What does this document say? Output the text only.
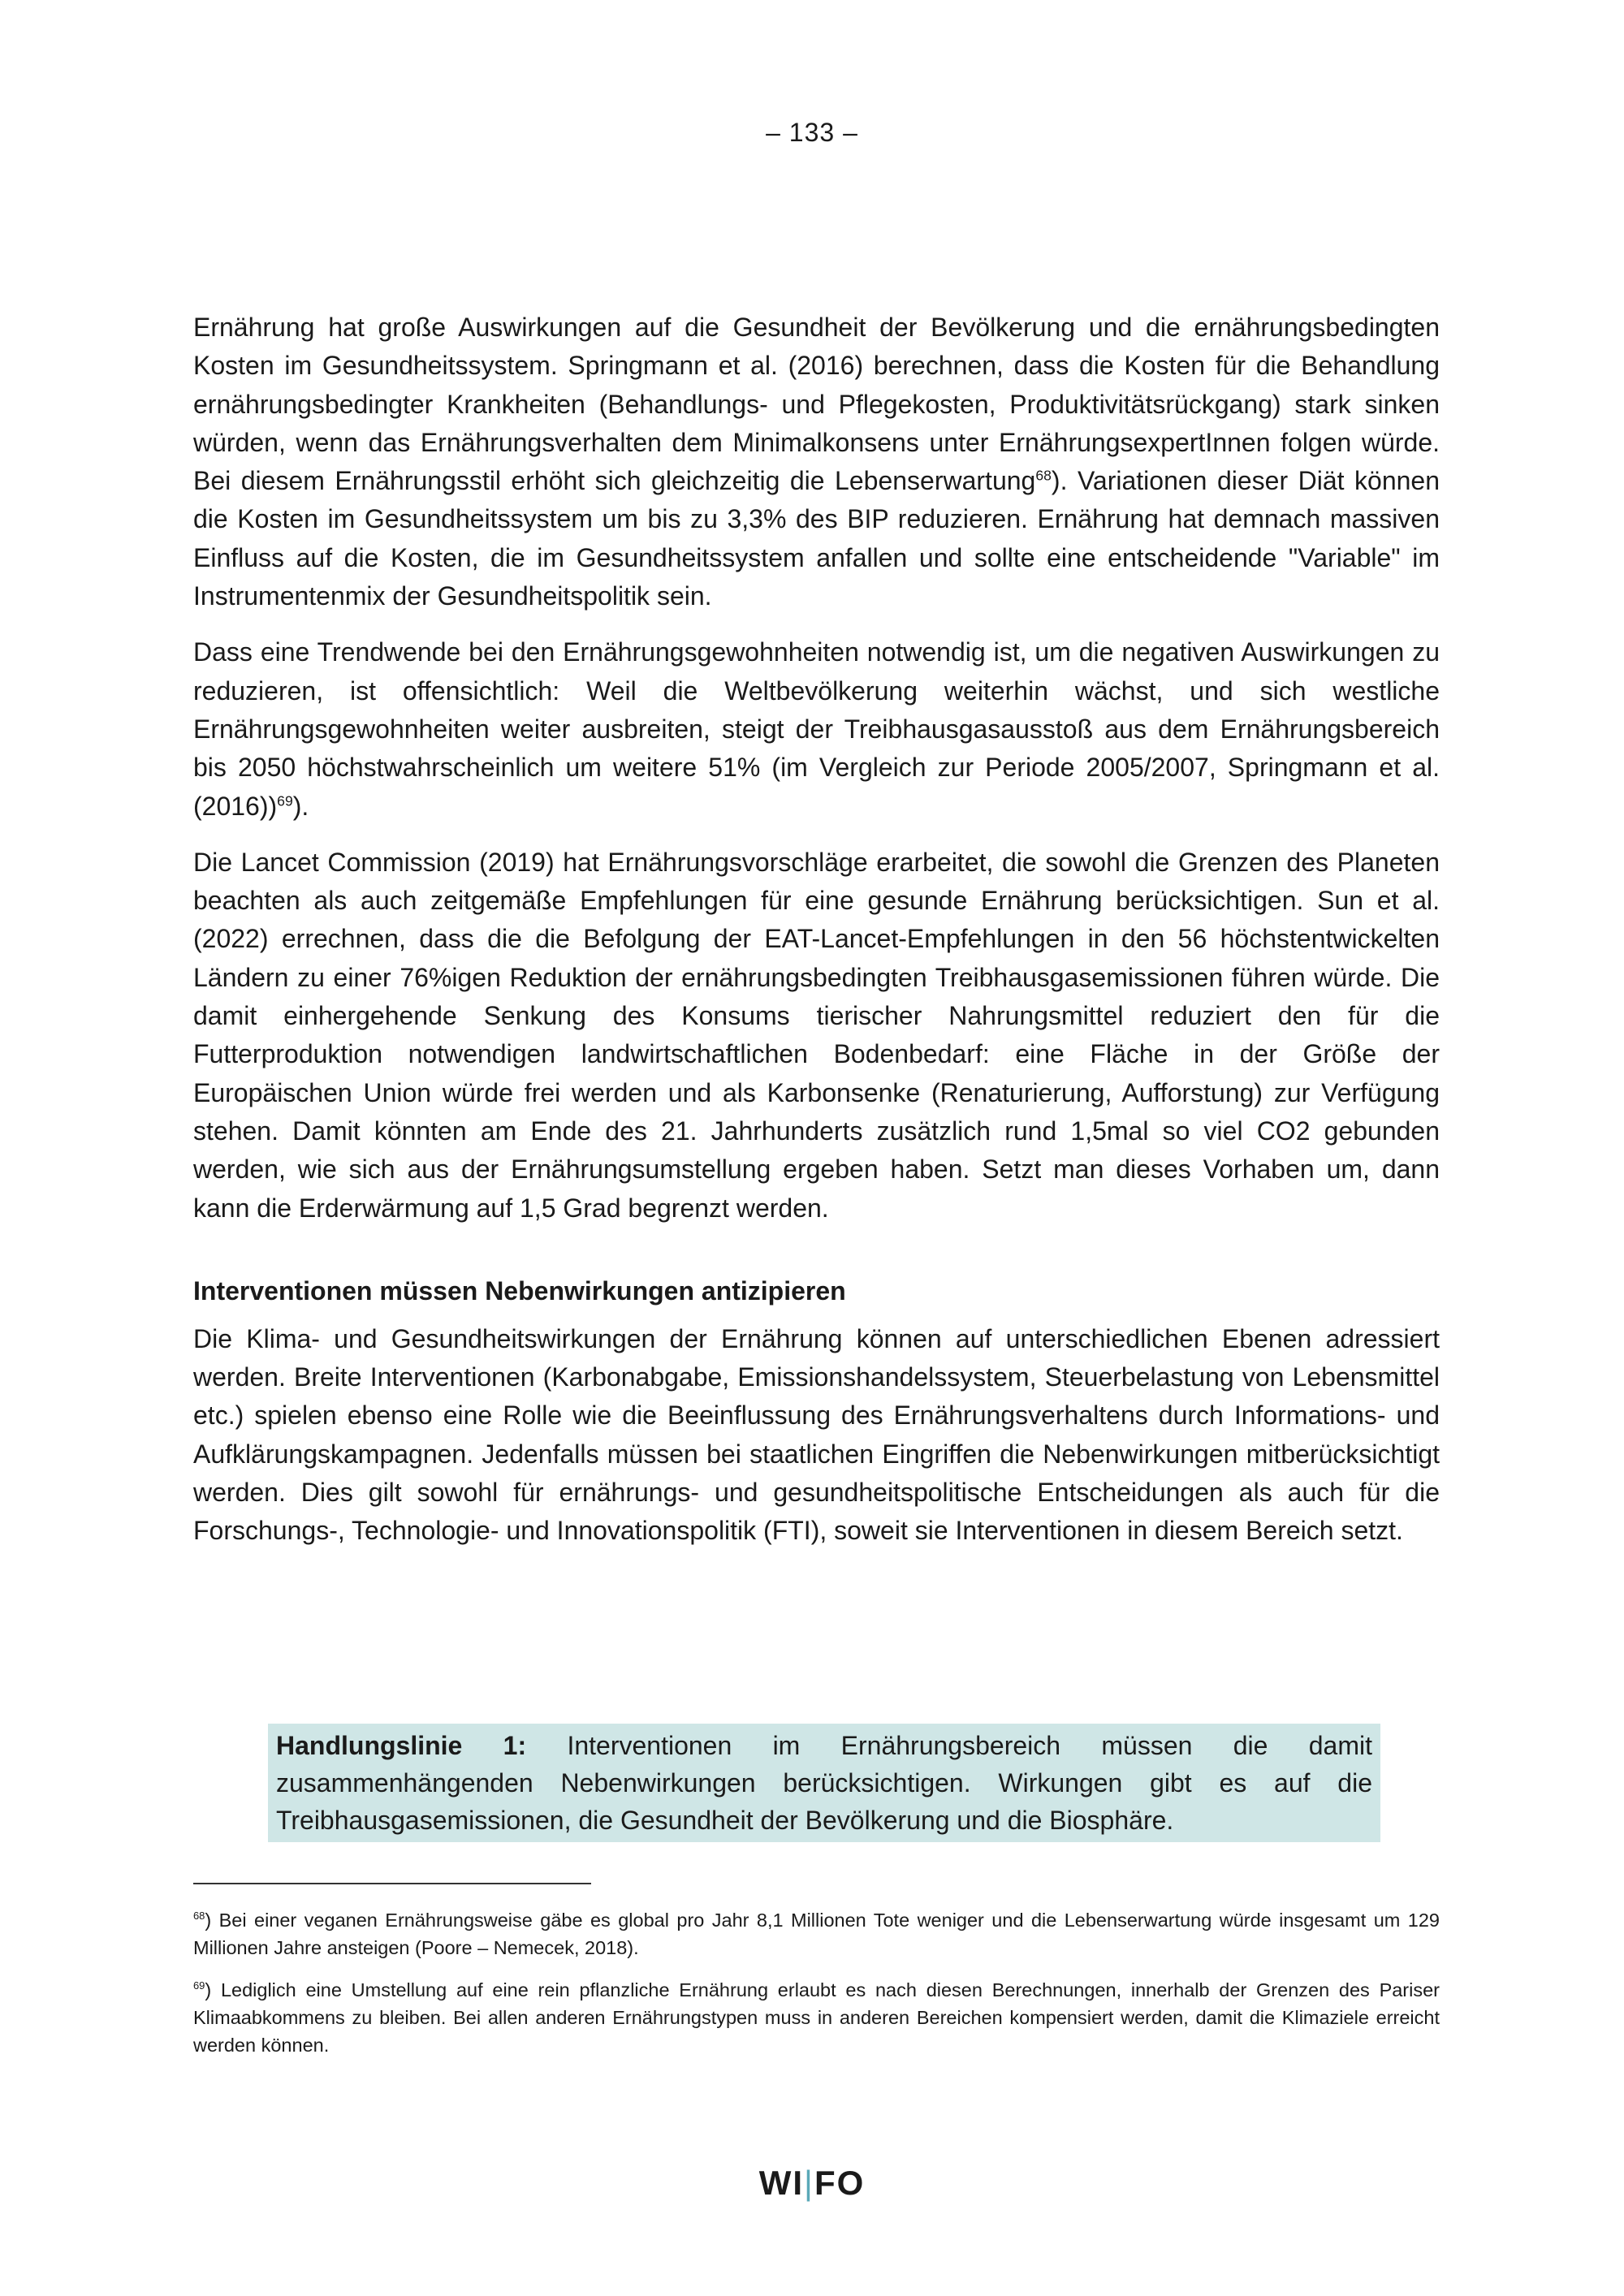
– 133 –

Ernährung hat große Auswirkungen auf die Gesundheit der Bevölkerung und die ernährungsbedingten Kosten im Gesundheitssystem. Springmann et al. (2016) berechnen, dass die Kosten für die Behandlung ernährungsbedingter Krankheiten (Behandlungs- und Pflegekosten, Produktivitätsrückgang) stark sinken würden, wenn das Ernährungsverhalten dem Minimalkonsens unter ErnährungsexpertInnen folgen würde. Bei diesem Ernährungsstil erhöht sich gleichzeitig die Lebenserwartung$^{68}$). Variationen dieser Diät können die Kosten im Gesundheitssystem um bis zu 3,3% des BIP reduzieren. Ernährung hat demnach massiven Einfluss auf die Kosten, die im Gesundheitssystem anfallen und sollte eine entscheidende "Variable" im Instrumentenmix der Gesundheitspolitik sein.

Dass eine Trendwende bei den Ernährungsgewohnheiten notwendig ist, um die negativen Auswirkungen zu reduzieren, ist offensichtlich: Weil die Weltbevölkerung weiterhin wächst, und sich westliche Ernährungsgewohnheiten weiter ausbreiten, steigt der Treibhausgasausstoß aus dem Ernährungsbereich bis 2050 höchstwahrscheinlich um weitere 51% (im Vergleich zur Periode 2005/2007, Springmann et al. (2016))$^{69}$).

Die Lancet Commission (2019) hat Ernährungsvorschläge erarbeitet, die sowohl die Grenzen des Planeten beachten als auch zeitgemäße Empfehlungen für eine gesunde Ernährung berücksichtigen. Sun et al. (2022) errechnen, dass die die Befolgung der EAT-Lancet-Empfehlungen in den 56 höchstentwickelten Ländern zu einer 76%igen Reduktion der ernährungsbedingten Treibhausgasemissionen führen würde. Die damit einhergehende Senkung des Konsums tierischer Nahrungsmittel reduziert den für die Futterproduktion notwendigen landwirtschaftlichen Bodenbedarf: eine Fläche in der Größe der Europäischen Union würde frei werden und als Karbonsenke (Renaturierung, Aufforstung) zur Verfügung stehen. Damit könnten am Ende des 21. Jahrhunderts zusätzlich rund 1,5mal so viel CO2 gebunden werden, wie sich aus der Ernährungsumstellung ergeben haben. Setzt man dieses Vorhaben um, dann kann die Erderwärmung auf 1,5 Grad begrenzt werden.

Interventionen müssen Nebenwirkungen antizipieren

Die Klima- und Gesundheitswirkungen der Ernährung können auf unterschiedlichen Ebenen adressiert werden. Breite Interventionen (Karbonabgabe, Emissionshandelssystem, Steuerbelastung von Lebensmittel etc.) spielen ebenso eine Rolle wie die Beeinflussung des Ernährungsverhaltens durch Informations- und Aufklärungskampagnen. Jedenfalls müssen bei staatlichen Eingriffen die Nebenwirkungen mitberücksichtigt werden. Dies gilt sowohl für ernährungs- und gesundheitspolitische Entscheidungen als auch für die Forschungs-, Technologie- und Innovationspolitik (FTI), soweit sie Interventionen in diesem Bereich setzt.

Handlungslinie 1: Interventionen im Ernährungsbereich müssen die damit zusammenhängenden Nebenwirkungen berücksichtigen. Wirkungen gibt es auf die Treibhausgasemissionen, die Gesundheit der Bevölkerung und die Biosphäre.

$^{68}$) Bei einer veganen Ernährungsweise gäbe es global pro Jahr 8,1 Millionen Tote weniger und die Lebenserwartung würde insgesamt um 129 Millionen Jahre ansteigen (Poore – Nemecek, 2018).

$^{69}$) Lediglich eine Umstellung auf eine rein pflanzliche Ernährung erlaubt es nach diesen Berechnungen, innerhalb der Grenzen des Pariser Klimaabkommens zu bleiben. Bei allen anderen Ernährungstypen muss in anderen Bereichen kompensiert werden, damit die Klimaziele erreicht werden können.

WI|FO
